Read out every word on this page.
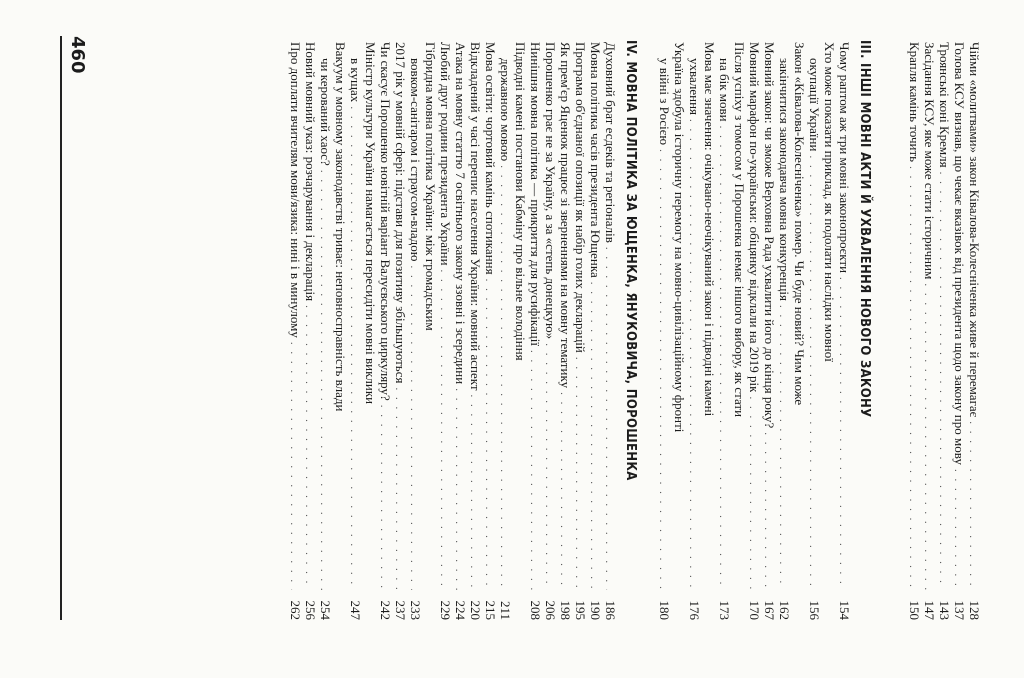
460	Чійми «молитвами» закон Ківалова-Колесніченка живе й перемагає
. . .
128
Голова КСУ визнав, що чекає вказівок від президента щодо закону про мову
. . .
137
Троянські коні Кремля
. . .
143
Засідання КСУ, яке може стати історичним
. . .
147
Крапля камінь точить
. . .
150
III. ІНШІ МОВНІ АКТИ Й УХВАЛЕННЯ НОВОГО ЗАКОНУ
Чому раптом аж три мовні законопроєкти
. . .
154
Хто може показати приклад, як подолати наслідки мовної
окупації України
. . .
156
Закон «Ківалова-Колесніченка» помер. Чи буде новий? Чим може
закінчитися законодавча мовна конкуренція
. . .
162
Мовний закон: чи зможе Верховна Рада ухвалити його до кінця року?
. . .
167
Мовний марафон по-українськи: обіцянку відклали на 2019 рік
. . .
170
Після успіху з томосом у Порошенка немає іншого вибору, як стати
на бік мови
. . .
173
Мова має значення: очікувано-неочікуваний закон і підводні камені
ухвалення
. . .
176
Україна здобула історичну перемогу на мовно-цивілізаційному фронті
у війні з Росією
. . .
180
IV. МОВНА ПОЛІТИКА ЗА ЮЩЕНКА, ЯНУКОВИЧА, ПОРОШЕНКА
Духовний брат есдеків та регіоналів
. . .
186
Мовна політика часів президента Ющенка
. . .
190
Програма об'єднаної опозиції як набір голих декларацій
. . .
195
Як прем'єр Яценюк працює зі зверненнями на мовну тематику
. . .
198
Порошенко грає не за Україну, а за «степь донецкую»
. . .
206
Нинішня мовна політика — прикриття для русифікації
. . .
208
Підводні камені постанови Кабміну про вільне володіння
державною мовою
. . .
211
Мова освіти: чортовий камінь спотикання
. . .
215
Відкладений у часі перепис населення України: мовний аспект
. . .
220
Атака на мовну статтю 7 освітнього закону ззовні і зсередини
. . .
224
Любий друг родини президента України
. . .
229
Гібридна мовна політика України: між громадським
вовком-санітаром і страусом-владою
. . .
233
2017 рік у мовній сфері: підстави для позитиву збільшуються
. . .
237
Чи скасує Порошенко новітній варіант Валуєвського циркуляру?
. . .
242
Міністр культури України намагається пересидіти мовні виклики
в кущах
. . .
247
Вакуум у мовному законодавстві триває: неповносправність влади
чи керований хаос?
. . .
254
Новий мовний указ: розчарування і декларація
. . .
256
Про доплати вчителям мови/язика: нині і в минулому
. . .
262
